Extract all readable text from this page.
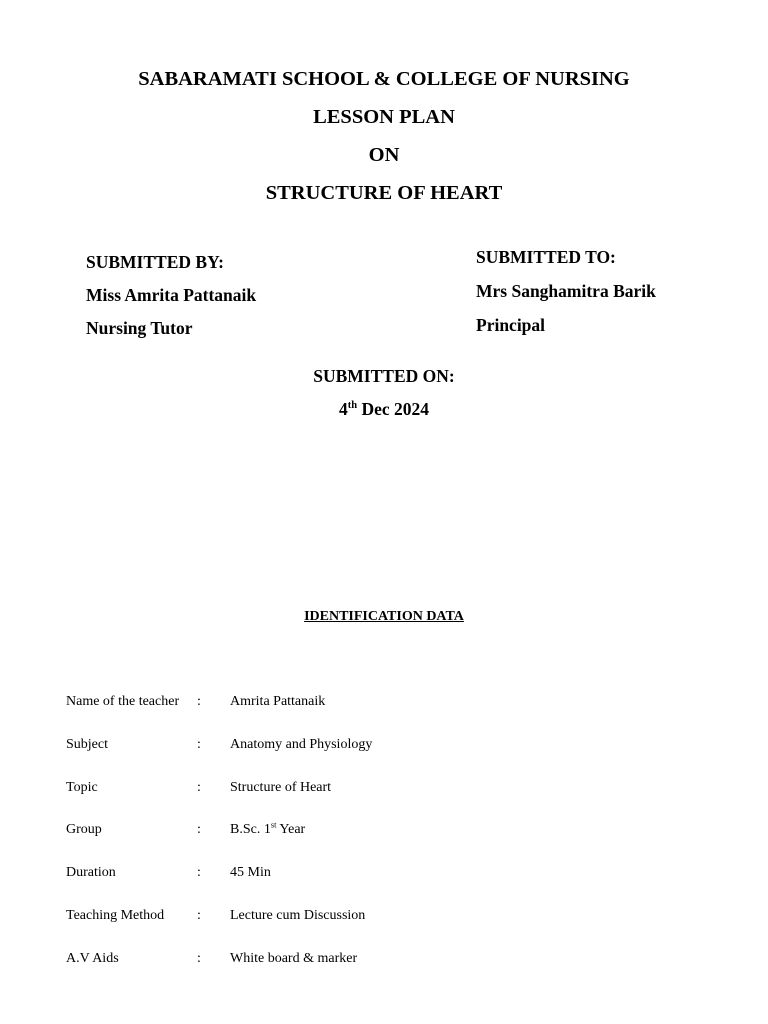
SABARAMATI SCHOOL & COLLEGE OF NURSING
LESSON PLAN
ON
STRUCTURE OF HEART
SUBMITTED BY:
Miss Amrita Pattanaik
Nursing Tutor
SUBMITTED TO:
Mrs Sanghamitra Barik
Principal
SUBMITTED ON:
4th Dec 2024
IDENTIFICATION DATA
Name of the teacher : Amrita Pattanaik
Subject	: Anatomy and Physiology
Topic	: Structure of Heart
Group	: B.Sc. 1st Year
Duration	: 45 Min
Teaching Method : Lecture cum Discussion
A.V Aids	: White board & marker
